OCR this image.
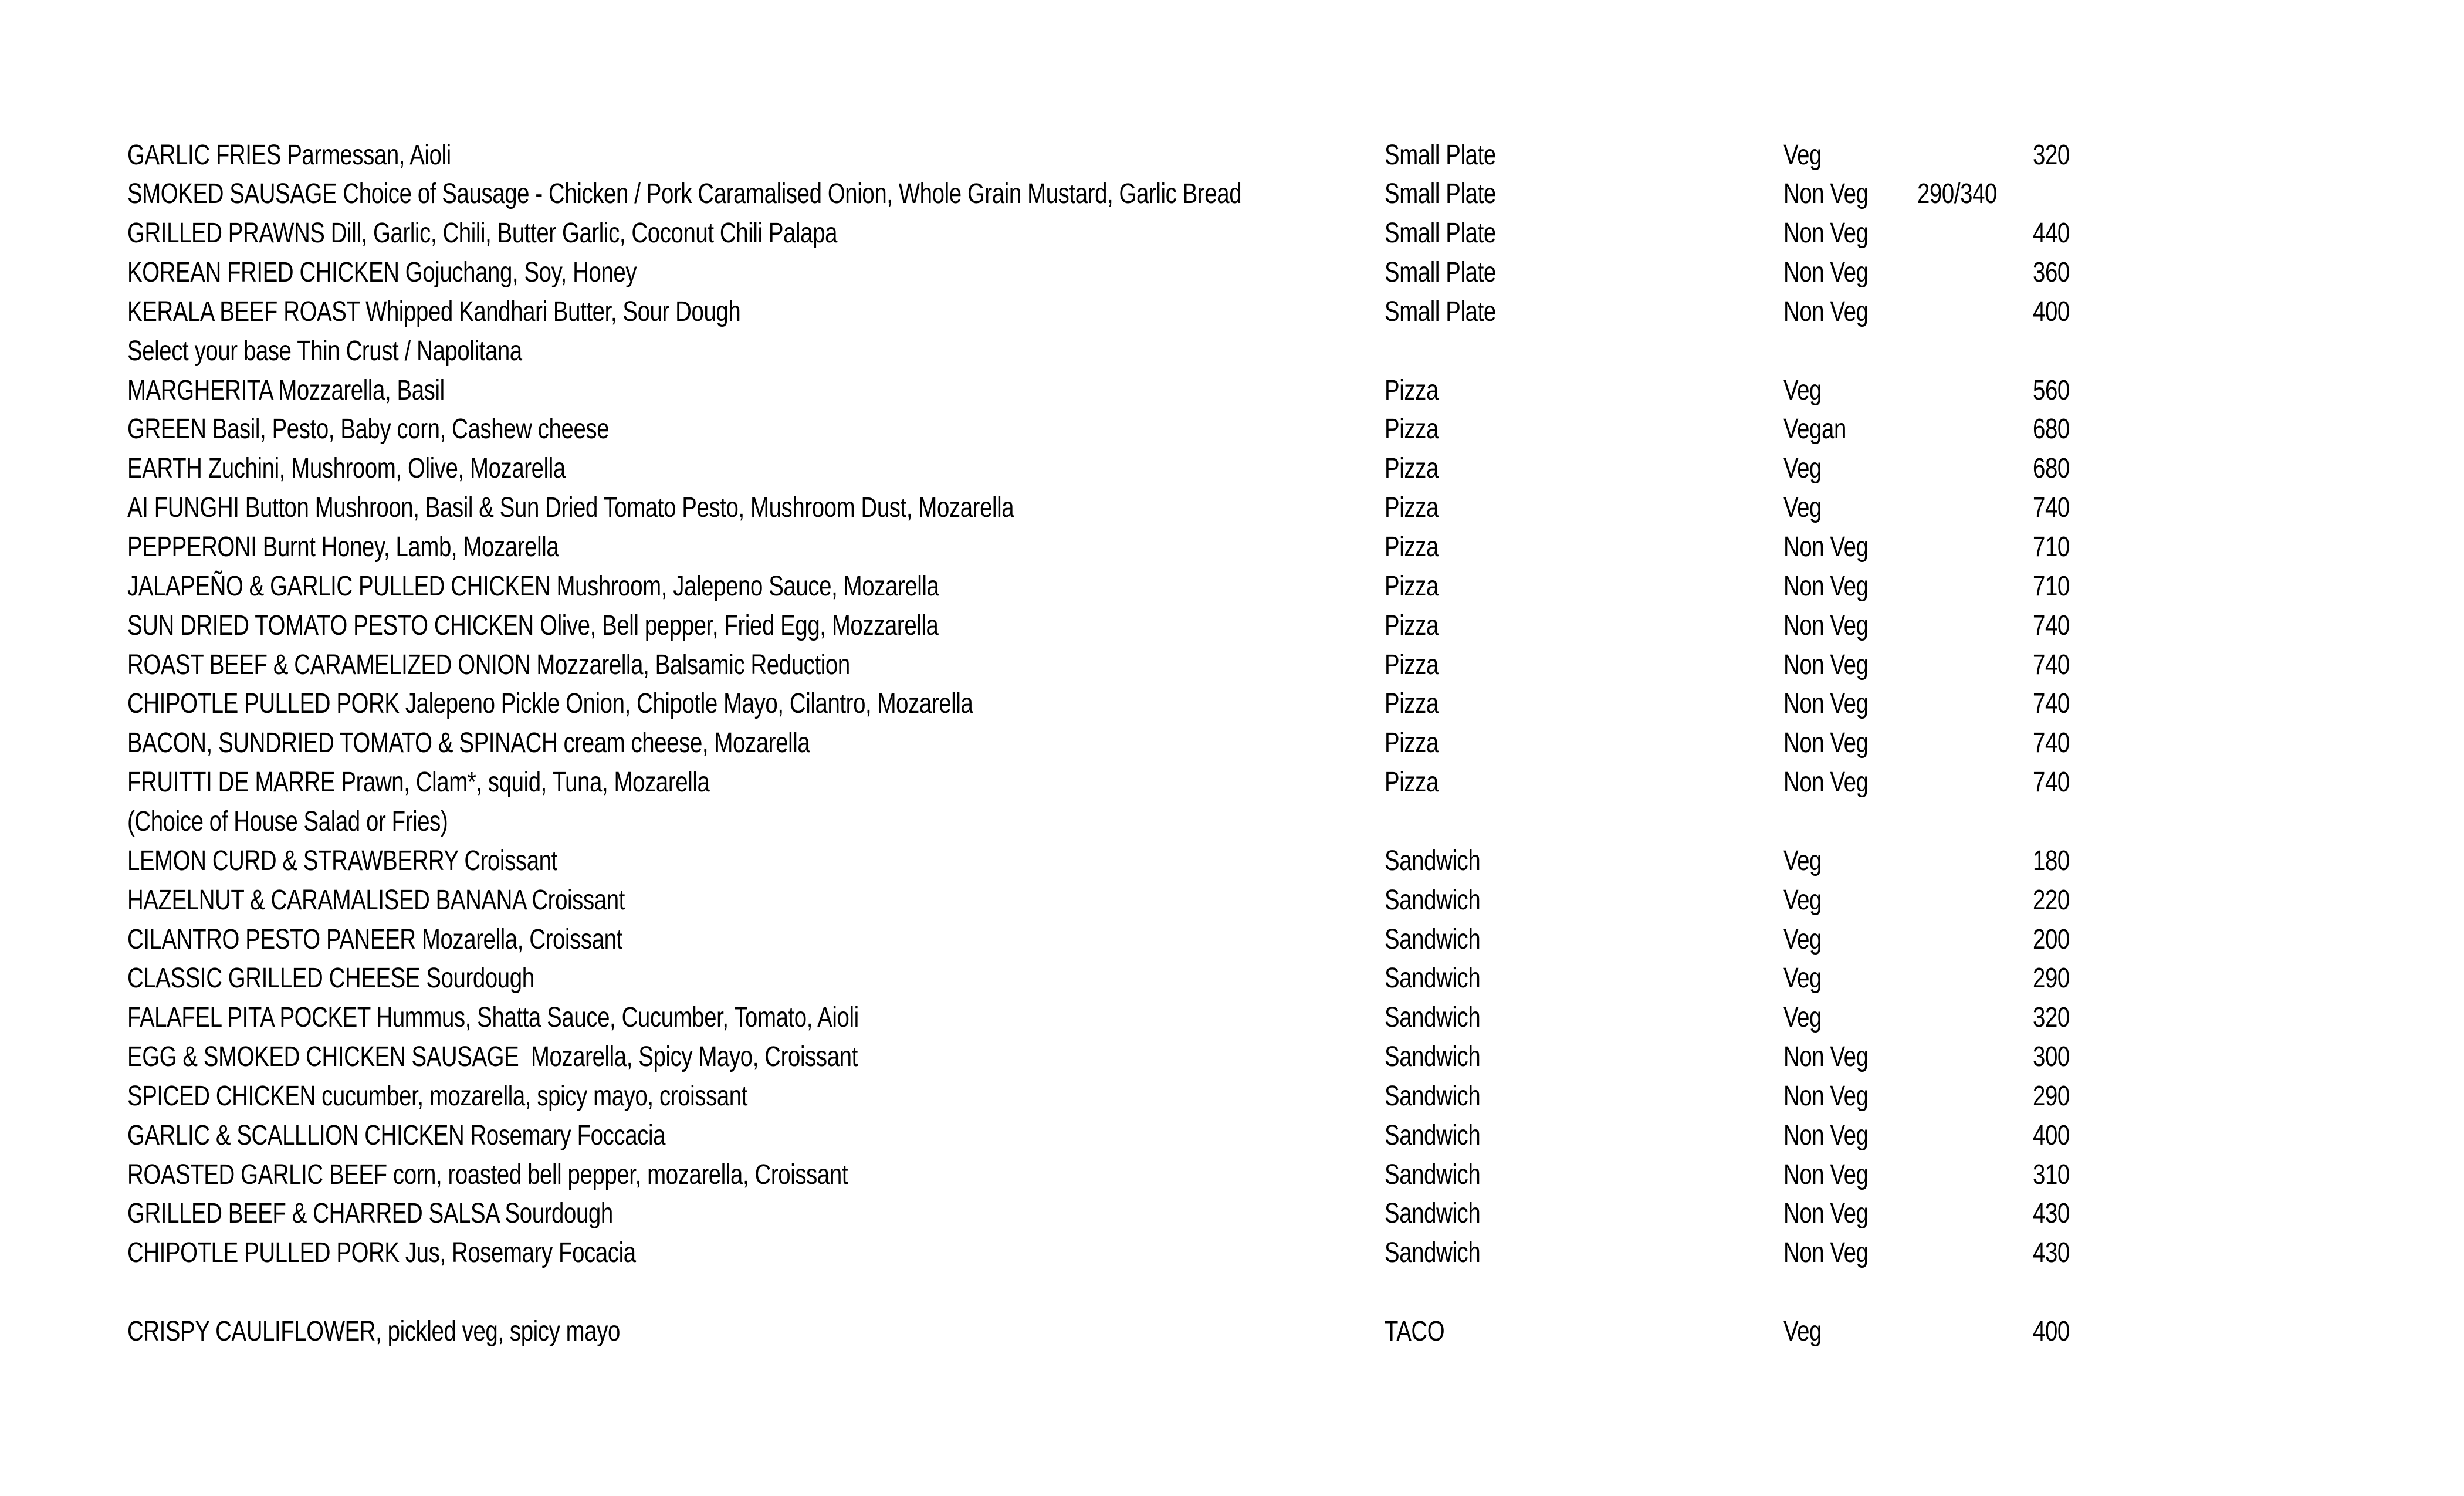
GARLIC FRIES Parmessan, Aioli	Small Plate	Veg	320
SMOKED SAUSAGE Choice of Sausage - Chicken / Pork Caramalised Onion, Whole Grain Mustard, Garlic Bread	Small Plate	Non Veg 290/340
GRILLED PRAWNS Dill, Garlic, Chili, Butter Garlic, Coconut Chili Palapa	Small Plate	Non Veg	440
KOREAN FRIED CHICKEN Gojuchang, Soy, Honey	Small Plate	Non Veg	360
KERALA BEEF ROAST Whipped Kandhari Butter, Sour Dough	Small Plate	Non Veg	400
Select your base Thin Crust / Napolitana
MARGHERITA Mozzarella, Basil	Pizza	Veg	560
GREEN Basil, Pesto, Baby corn, Cashew cheese	Pizza	Vegan	680
EARTH Zuchini, Mushroom, Olive, Mozarella	Pizza	Veg	680
AI FUNGHI Button Mushroon, Basil & Sun Dried Tomato Pesto, Mushroom Dust, Mozarella	Pizza	Veg	740
PEPPERONI Burnt Honey, Lamb, Mozarella	Pizza	Non Veg	710
JALAPEÑO & GARLIC PULLED CHICKEN Mushroom, Jalepeno Sauce, Mozarella	Pizza	Non Veg	710
SUN DRIED TOMATO PESTO CHICKEN Olive, Bell pepper, Fried Egg, Mozzarella	Pizza	Non Veg	740
ROAST BEEF & CARAMELIZED ONION Mozzarella, Balsamic Reduction	Pizza	Non Veg	740
CHIPOTLE PULLED PORK Jalepeno Pickle Onion, Chipotle Mayo, Cilantro, Mozarella	Pizza	Non Veg	740
BACON, SUNDRIED TOMATO & SPINACH cream cheese, Mozarella	Pizza	Non Veg	740
FRUITTI DE MARRE Prawn, Clam*, squid, Tuna, Mozarella	Pizza	Non Veg	740
(Choice of House Salad or Fries)
LEMON CURD & STRAWBERRY Croissant	Sandwich	Veg	180
HAZELNUT & CARAMALISED BANANA Croissant	Sandwich	Veg	220
CILANTRO PESTO PANEER Mozarella, Croissant	Sandwich	Veg	200
CLASSIC GRILLED CHEESE Sourdough	Sandwich	Veg	290
FALAFEL PITA POCKET Hummus, Shatta Sauce, Cucumber, Tomato, Aioli	Sandwich	Veg	320
EGG & SMOKED CHICKEN SAUSAGE  Mozarella, Spicy Mayo, Croissant	Sandwich	Non Veg	300
SPICED CHICKEN cucumber, mozarella, spicy mayo, croissant	Sandwich	Non Veg	290
GARLIC & SCALLLION CHICKEN Rosemary Foccacia	Sandwich	Non Veg	400
ROASTED GARLIC BEEF corn, roasted bell pepper, mozarella, Croissant	Sandwich	Non Veg	310
GRILLED BEEF & CHARRED SALSA Sourdough	Sandwich	Non Veg	430
CHIPOTLE PULLED PORK Jus, Rosemary Focacia	Sandwich	Non Veg	430
CRISPY CAULIFLOWER, pickled veg, spicy mayo	TACO	Veg	400
